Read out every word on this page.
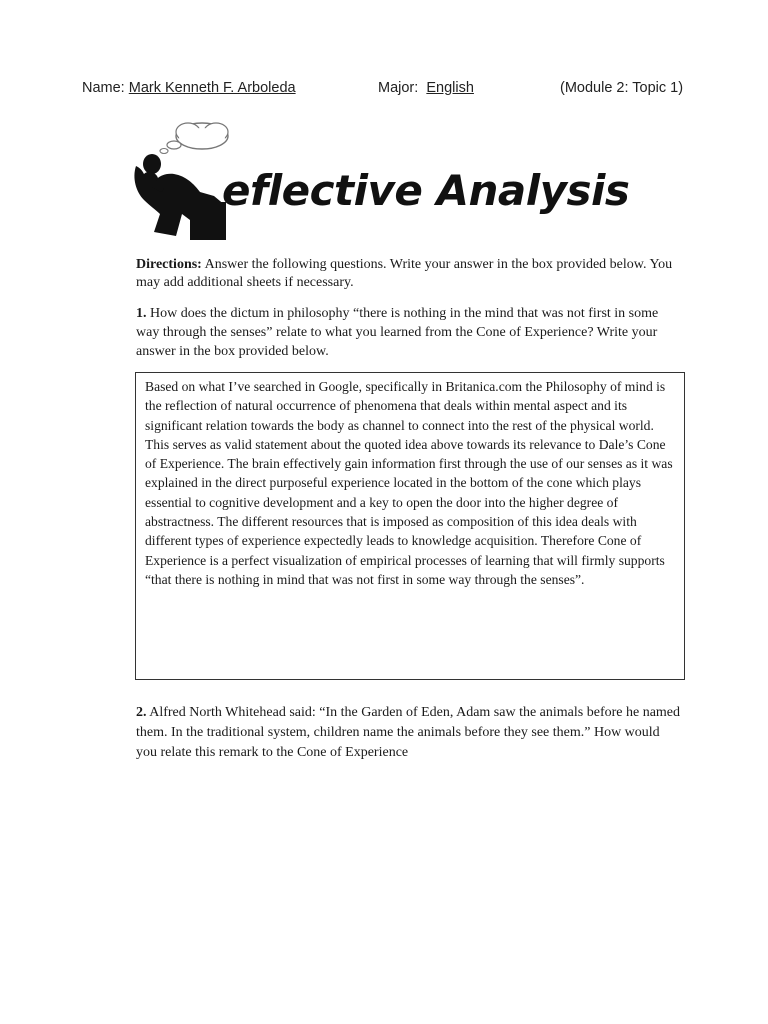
Name: Mark Kenneth F. Arboleda	Major: English	(Module 2: Topic 1)
eflective Analysis
Directions: Answer the following questions. Write your answer in the box provided below. You may add additional sheets if necessary.
1. How does the dictum in philosophy “there is nothing in the mind that was not first in some way through the senses” relate to what you learned from the Cone of Experience? Write your answer in the box provided below.
Based on what I’ve searched in Google, specifically in Britanica.com the Philosophy of mind is the reflection of natural occurrence of phenomena that deals within mental aspect and its significant relation towards the body as channel to connect into the rest of the physical world. This serves as valid statement about the quoted idea above towards its relevance to Dale’s Cone of Experience. The brain effectively gain information first through the use of our senses as it was explained in the direct purposeful experience located in the bottom of the cone which plays essential to cognitive development and a key to open the door into the higher degree of abstractness. The different resources that is imposed as composition of this idea deals with different types of experience expectedly leads to knowledge acquisition. Therefore Cone of Experience is a perfect visualization of empirical processes of learning that will firmly supports “that there is nothing in mind that was not first in some way through the senses”.
2. Alfred North Whitehead said: “In the Garden of Eden, Adam saw the animals before he named them. In the traditional system, children name the animals before they see them.” How would you relate this remark to the Cone of Experience
